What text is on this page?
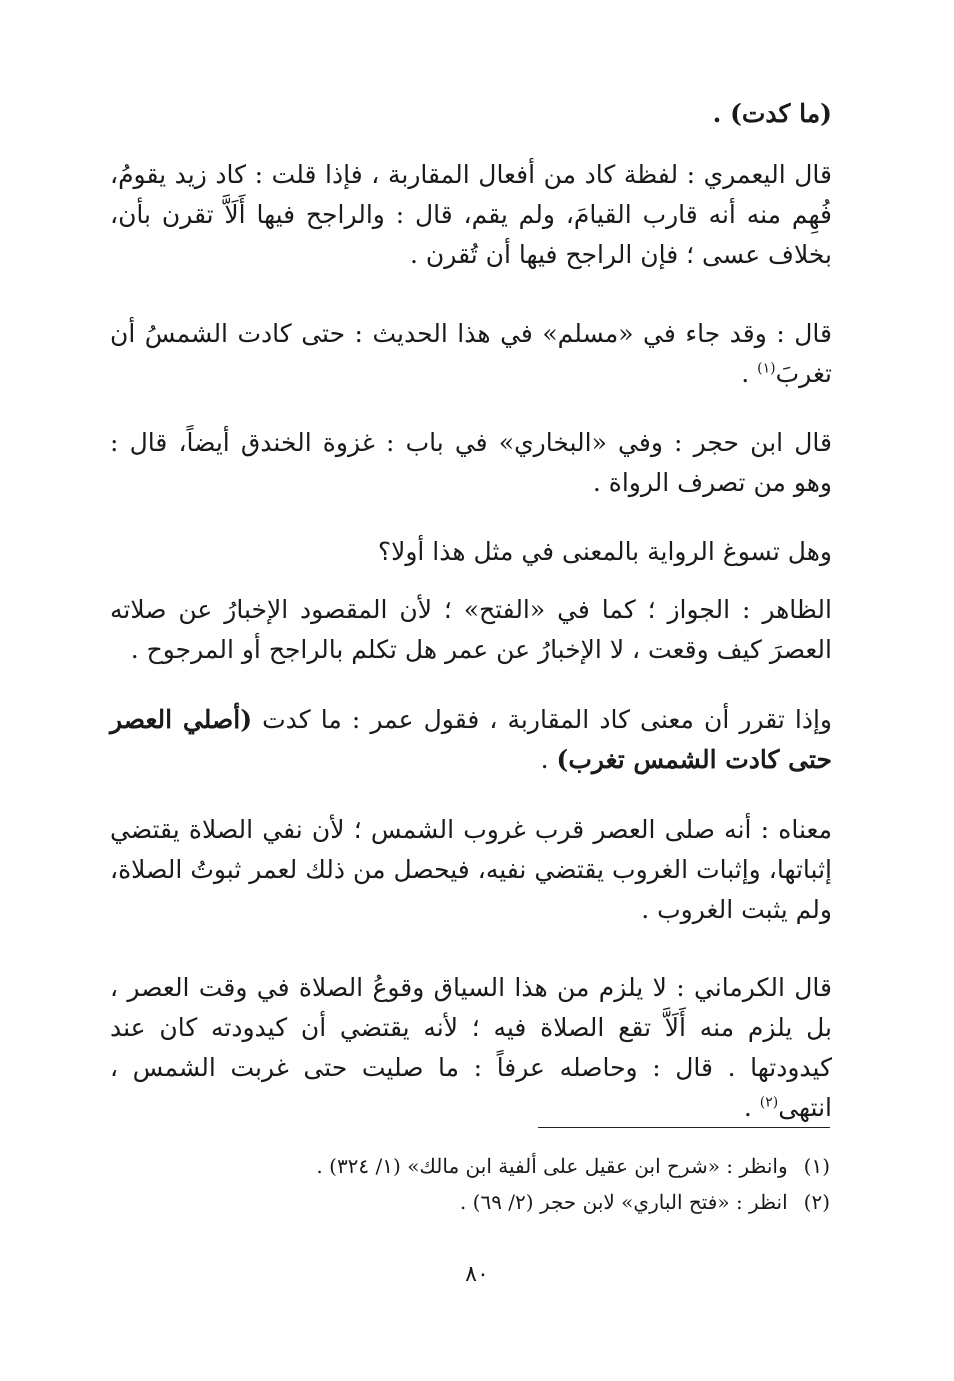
(ما كدت) .

قال اليعمري : لفظة كاد من أفعال المقاربة ، فإذا قلت : كاد زيد يقومُ، فُهِم منه أنه قارب القيامَ، ولم يقم، قال : والراجح فيها أَلَاَّ تقرن بأن، بخلاف عسى ؛ فإن الراجح فيها أن تُقرن .

قال : وقد جاء في «مسلم» في هذا الحديث : حتى كادت الشمسُ أن تغربَ$^{(١)}$ .

قال ابن حجر : وفي «البخاري» في باب : غزوة الخندق أيضاً، قال : وهو من تصرف الرواة .

وهل تسوغ الرواية بالمعنى في مثل هذا أولا؟

الظاهر : الجواز ؛ كما في «الفتح» ؛ لأن المقصود الإخبارُ عن صلاته العصرَ كيف وقعت ، لا الإخبارُ عن عمر هل تكلم بالراجح أو المرجوح .

وإذا تقرر أن معنى كاد المقاربة ، فقول عمر : ما كدت (أصلي العصر حتى كادت الشمس تغرب) .

معناه : أنه صلى العصر قرب غروب الشمس ؛ لأن نفي الصلاة يقتضي إثباتها، وإثبات الغروب يقتضي نفيه، فيحصل من ذلك لعمر ثبوتُ الصلاة، ولم يثبت الغروب .

قال الكرماني : لا يلزم من هذا السياق وقوعُ الصلاة في وقت العصر ، بل يلزم منه أَلَاَّ تقع الصلاة فيه ؛ لأنه يقتضي أن كيدودته كان عند كيدودتها . قال : وحاصله عرفاً : ما صليت حتى غربت الشمس ، انتهى$^{(٢)}$ .

(١)وانظر : «شرح ابن عقيل على ألفية ابن مالك» (١/ ٣٢٤) .

(٢)انظر : «فتح الباري» لابن حجر (٢/ ٦٩) .

٨٠
